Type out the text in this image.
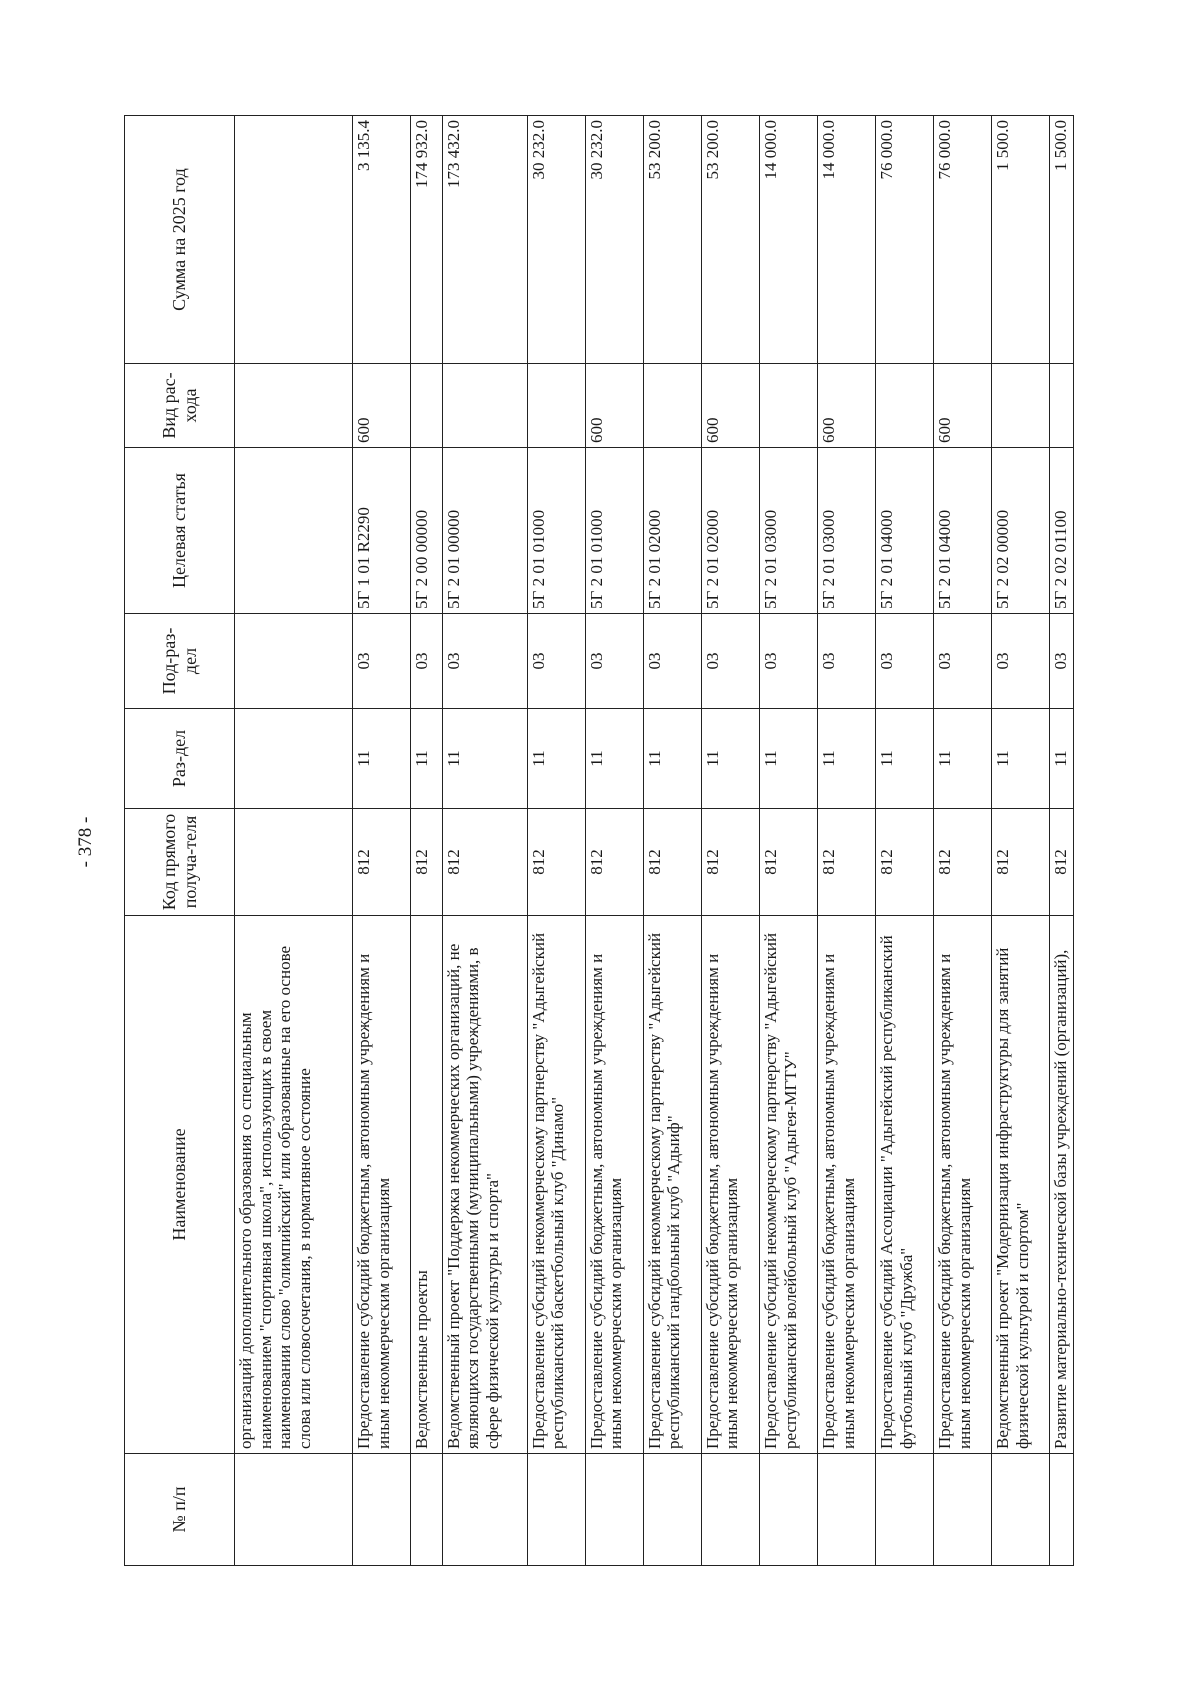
- 378 -
№ п/п	Наименование	Код прямого получа-теля	Раз-дел	Под-раз-дел	Целевая статья	Вид рас-хода	Сумма на 2025 год
	организаций дополнительного образования со специальным наименованием "спортивная школа", использующих в своем наименовании слово "олимпийский" или образованные на его основе слова или словосочетания, в нормативное состояние						
	Предоставление субсидий бюджетным, автономным учреждениям и иным некоммерческим организациям	812	11	03	5Г 1 01 R2290	600	3 135.4
	Ведомственные проекты	812	11	03	5Г 2 00 00000		174 932.0
	Ведомственный проект "Поддержка некоммерческих организаций, не являющихся государственными (муниципальными) учреждениями, в сфере физической культуры и спорта"	812	11	03	5Г 2 01 00000		173 432.0
	Предоставление субсидий некоммерческому партнерству "Адыгейский республиканский баскетбольный клуб "Динамо"	812	11	03	5Г 2 01 01000		30 232.0
	Предоставление субсидий бюджетным, автономным учреждениям и иным некоммерческим организациям	812	11	03	5Г 2 01 01000	600	30 232.0
	Предоставление субсидий некоммерческому партнерству "Адыгейский республиканский гандбольный клуб "Адыиф"	812	11	03	5Г 2 01 02000		53 200.0
	Предоставление субсидий бюджетным, автономным учреждениям и иным некоммерческим организациям	812	11	03	5Г 2 01 02000	600	53 200.0
	Предоставление субсидий некоммерческому партнерству "Адыгейский республиканский волейбольный клуб "Адыгея-МГТУ"	812	11	03	5Г 2 01 03000		14 000.0
	Предоставление субсидий бюджетным, автономным учреждениям и иным некоммерческим организациям	812	11	03	5Г 2 01 03000	600	14 000.0
	Предоставление субсидий Ассоциации "Адыгейский республиканский футбольный клуб "Дружба"	812	11	03	5Г 2 01 04000		76 000.0
	Предоставление субсидий бюджетным, автономным учреждениям и иным некоммерческим организациям	812	11	03	5Г 2 01 04000	600	76 000.0
	Ведомственный проект "Модернизация инфраструктуры для занятий физической культурой и спортом"	812	11	03	5Г 2 02 00000		1 500.0
	Развитие материально-технической базы учреждений (организаций),	812	11	03	5Г 2 02 01100		1 500.0
